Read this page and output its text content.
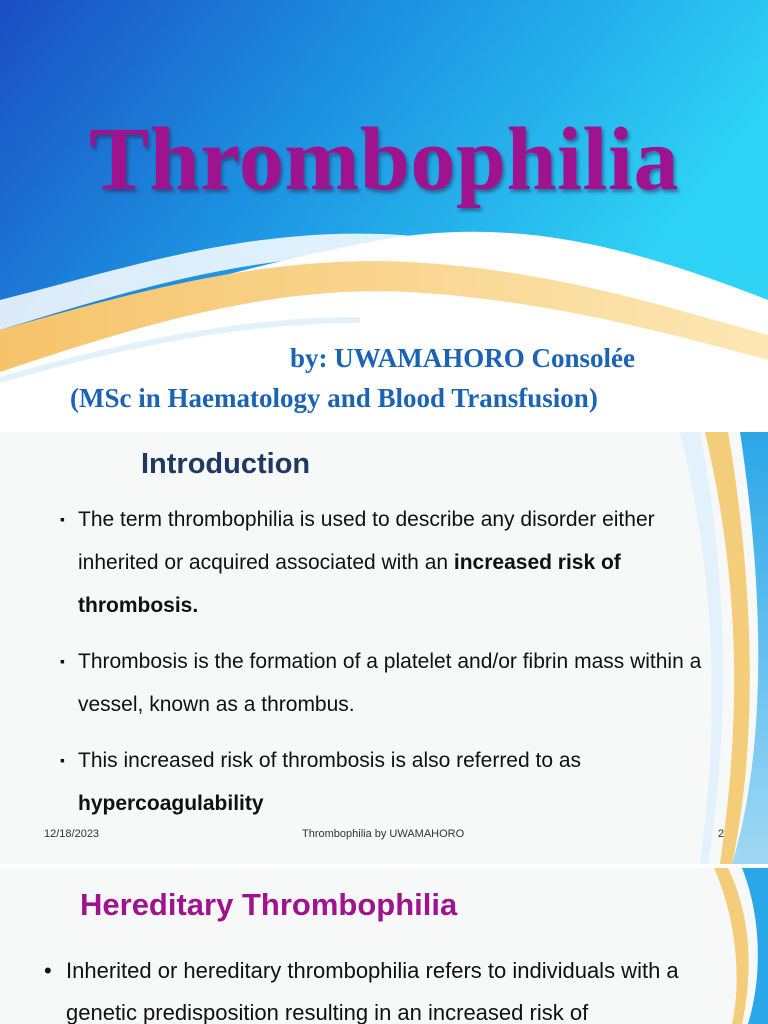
Thrombophilia
by: UWAMAHORO Consolée
(MSc in Haematology and Blood Transfusion)
Introduction
▪ The term thrombophilia is used to describe any disorder either inherited or acquired associated with an increased risk of thrombosis.
▪ Thrombosis is the formation of a platelet and/or fibrin mass within a vessel, known as a thrombus.
▪ This increased risk of thrombosis is also referred to as hypercoagulability
12/18/2023	Thrombophilia by UWAMAHORO	2
Hereditary Thrombophilia
• Inherited or hereditary thrombophilia refers to individuals with a genetic predisposition resulting in an increased risk of
